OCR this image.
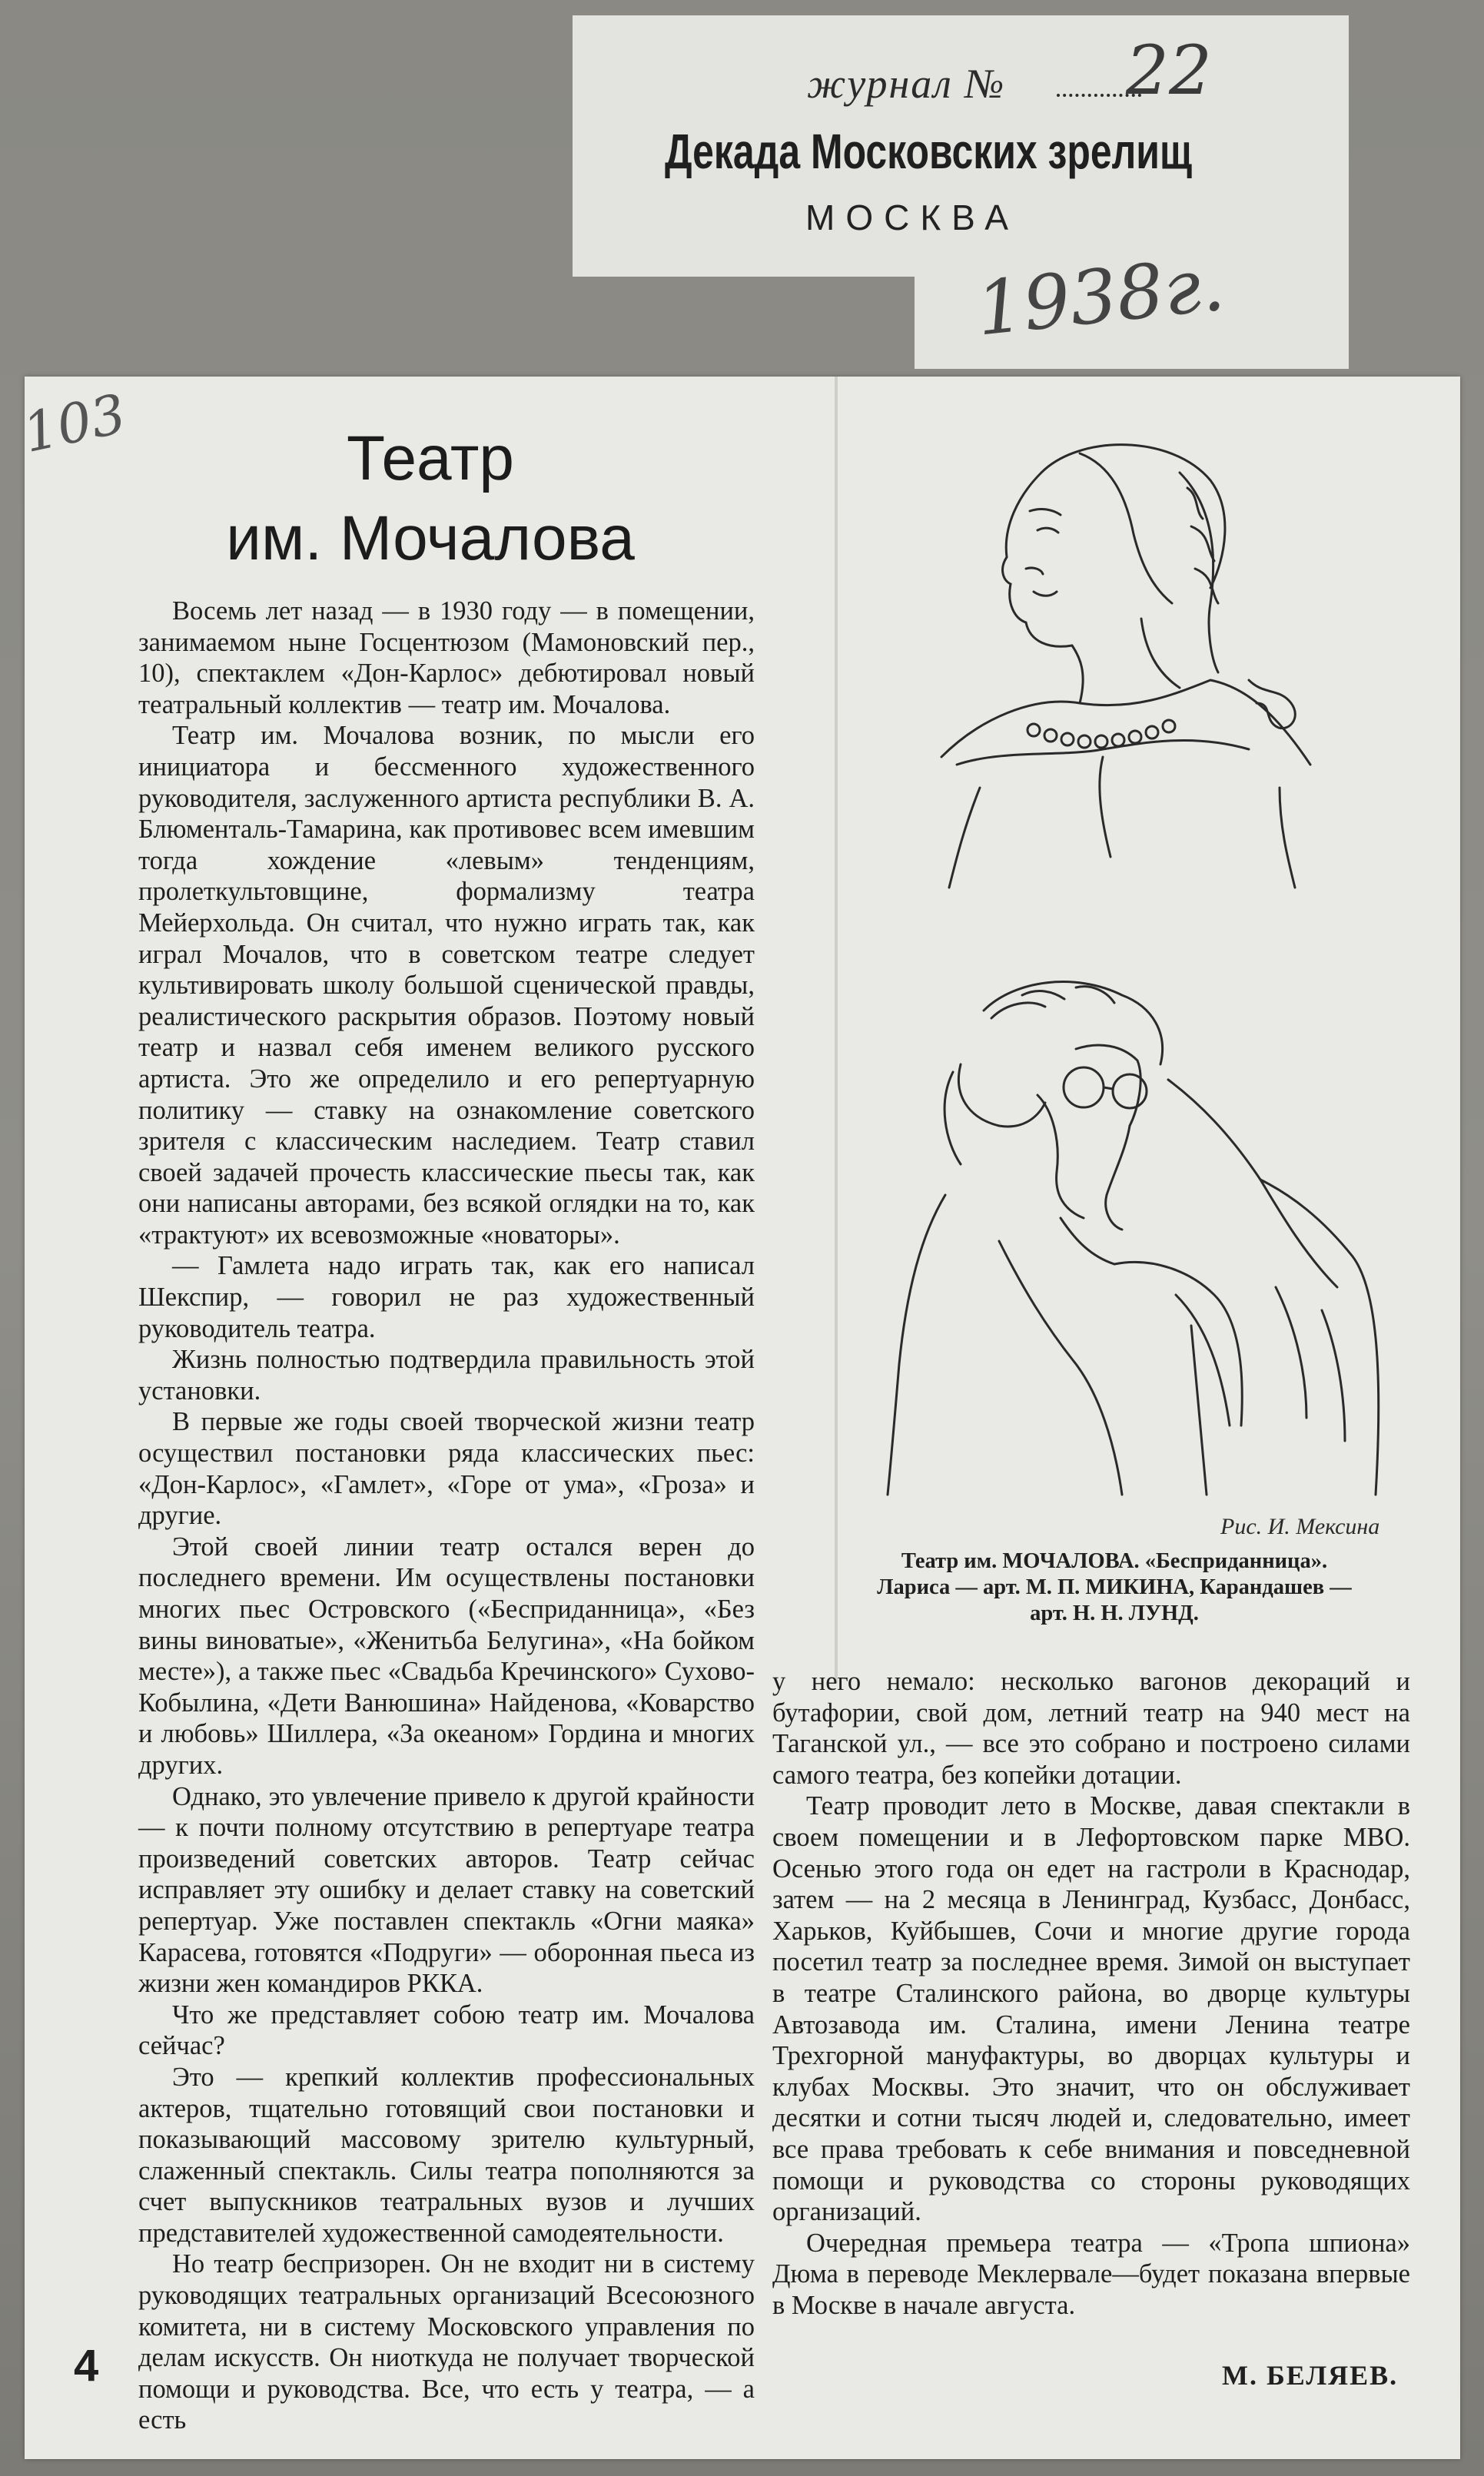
журнал № 22
Декада Московских зрелищ
МОСКВА
1938г.
103	Театр
им. Мочалова

Восемь лет назад — в 1930 году — в помещении, занимаемом ныне Госцентюзом (Мамоновский пер., 10), спектаклем «Дон-Карлос» дебютировал новый театральный коллектив — театр им. Мочалова.

Театр им. Мочалова возник, по мысли его инициатора и бессменного художественного руководителя, заслуженного артиста республики В. А. Блюменталь-Тамарина, как противовес всем имевшим тогда хождение «левым» тенденциям, пролеткультовщине, формализму театра Мейерхольда. Он считал, что нужно играть так, как играл Мочалов, что в советском театре следует культивировать школу большой сценической правды, реалистического раскрытия образов. Поэтому новый театр и назвал себя именем великого русского артиста. Это же определило и его репертуарную политику — ставку на ознакомление советского зрителя с классическим наследием. Театр ставил своей задачей прочесть классические пьесы так, как они написаны авторами, без всякой оглядки на то, как «трактуют» их всевозможные «новаторы».

— Гамлета надо играть так, как его написал Шекспир, — говорил не раз художественный руководитель театра.

Жизнь полностью подтвердила правильность этой установки.

В первые же годы своей творческой жизни театр осуществил постановки ряда классических пьес: «Дон-Карлос», «Гамлет», «Горе от ума», «Гроза» и другие.

Этой своей линии театр остался верен до последнего времени. Им осуществлены постановки многих пьес Островского («Бесприданница», «Без вины виноватые», «Женитьба Белугина», «На бойком месте»), а также пьес «Свадьба Кречинского» Сухово-Кобылина, «Дети Ванюшина» Найденова, «Коварство и любовь» Шиллера, «За океаном» Гордина и многих других.

Однако, это увлечение привело к другой крайности — к почти полному отсутствию в репертуаре театра произведений советских авторов. Театр сейчас исправляет эту ошибку и делает ставку на советский репертуар. Уже поставлен спектакль «Огни маяка» Карасева, готовятся «Подруги» — оборонная пьеса из жизни жен командиров РККА.

Что же представляет собою театр им. Мочалова сейчас?

Это — крепкий коллектив профессиональных актеров, тщательно готовящий свои постановки и показывающий массовому зрителю культурный, слаженный спектакль. Силы театра пополняются за счет выпускников театральных вузов и лучших представителей художественной самодеятельности.

Но театр беспризорен. Он не входит ни в систему руководящих театральных организаций Всесоюзного комитета, ни в систему Московского управления по делам искусств. Он ниоткуда не получает творческой помощи и руководства. Все, что есть у театра, — а есть

Рис. И. Мексина
Театр им. МОЧАЛОВА. «Бесприданница».
Лариса — арт. М. П. МИКИНА, Карандашев —
арт. Н. Н. ЛУНД.

у него немало: несколько вагонов декораций и бутафории, свой дом, летний театр на 940 мест на Таганской ул., — все это собрано и построено силами самого театра, без копейки дотации.

Театр проводит лето в Москве, давая спектакли в своем помещении и в Лефортовском парке МВО. Осенью этого года он едет на гастроли в Краснодар, затем — на 2 месяца в Ленинград, Кузбасс, Донбасс, Харьков, Куйбышев, Сочи и многие другие города посетил театр за последнее время. Зимой он выступает в театре Сталинского района, во дворце культуры Автозавода им. Сталина, имени Ленина театре Трехгорной мануфактуры, во дворцах культуры и клубах Москвы. Это значит, что он обслуживает десятки и сотни тысяч людей и, следовательно, имеет все права требовать к себе внимания и повседневной помощи и руководства со стороны руководящих организаций.

Очередная премьера театра — «Тропа шпиона» Дюма в переводе Меклервале—будет показана впервые в Москве в начале августа.

4	М. БЕЛЯЕВ.
